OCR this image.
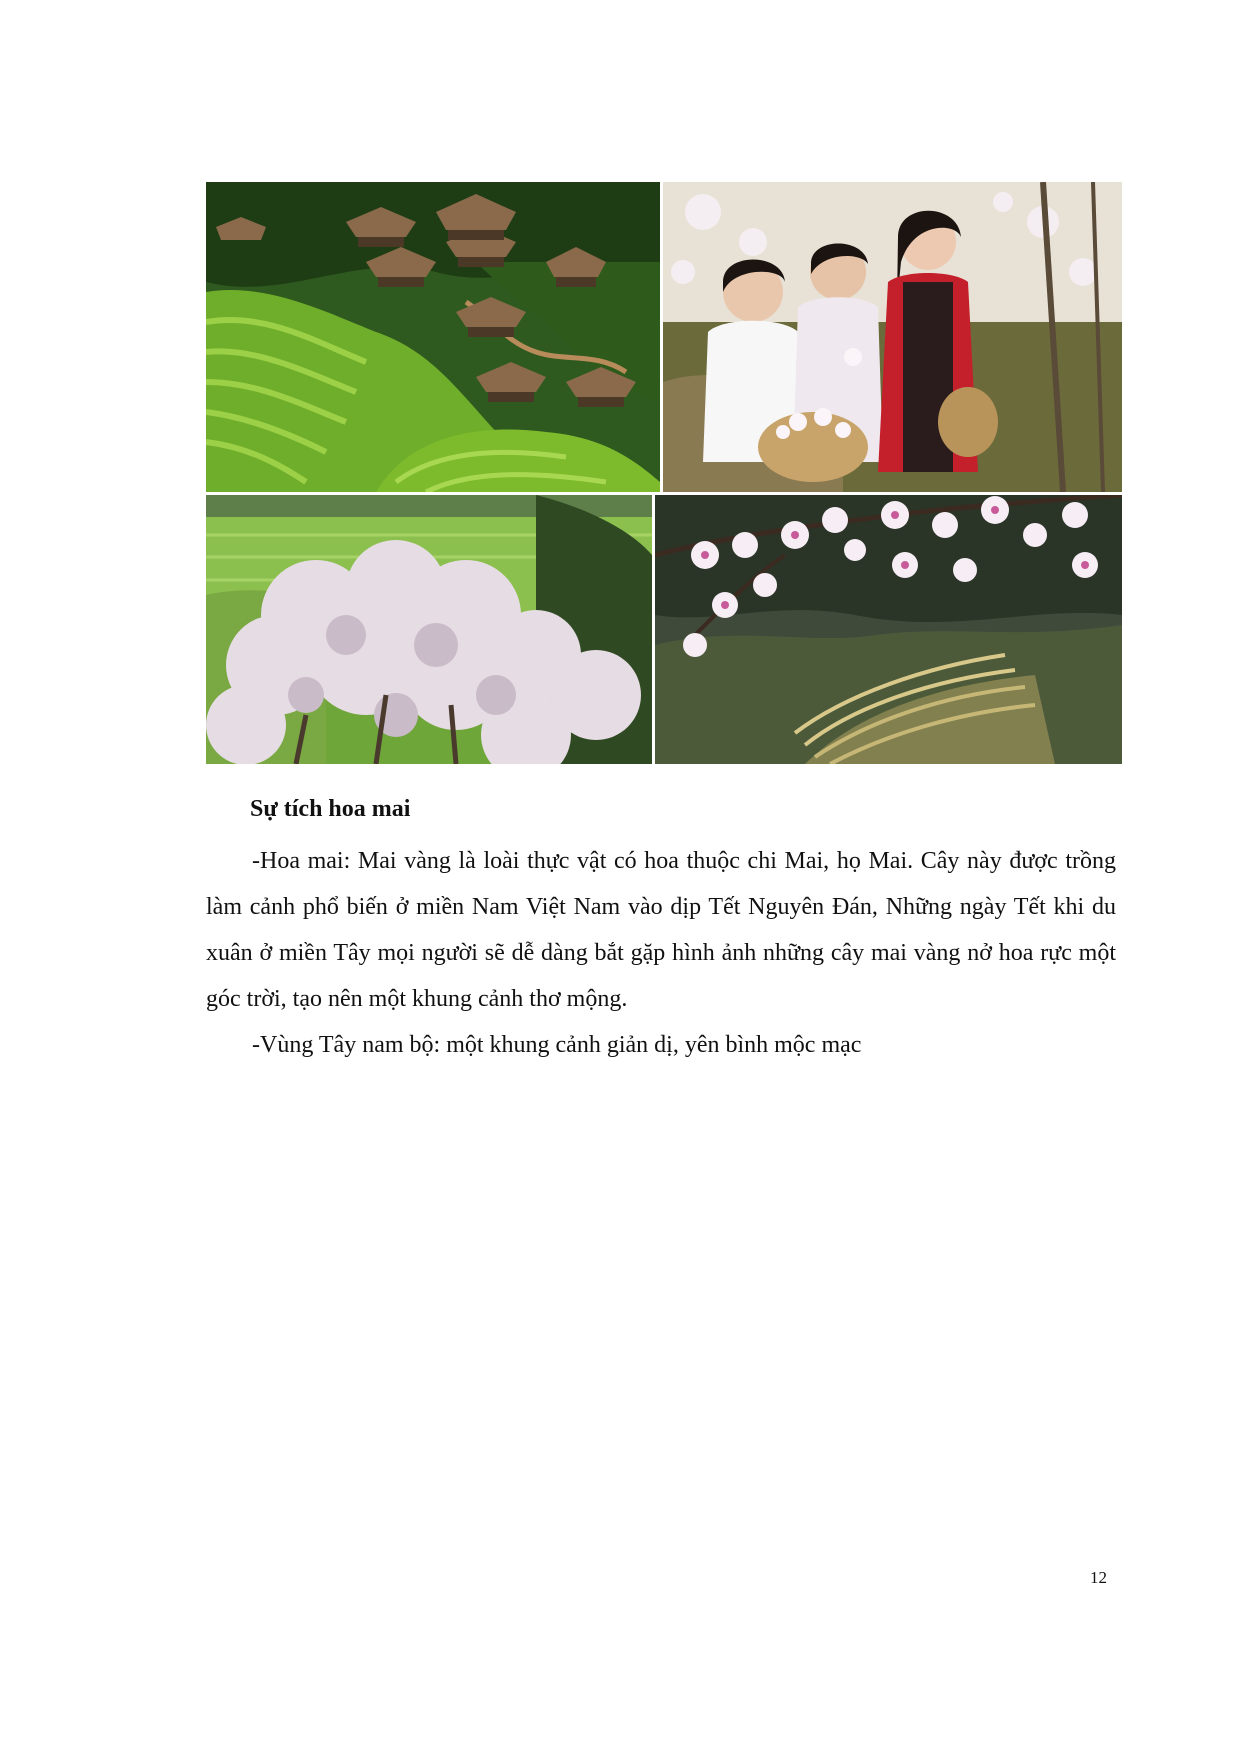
Sự tích hoa mai

-Hoa mai: Mai vàng là loài thực vật có hoa thuộc chi Mai, họ Mai. Cây này được trồng làm cảnh phổ biến ở miền Nam Việt Nam vào dịp Tết Nguyên Đán, Những ngày Tết khi du xuân ở miền Tây mọi người sẽ dễ dàng bắt gặp hình ảnh những cây mai vàng nở hoa rực một góc trời, tạo nên một khung cảnh thơ mộng.

-Vùng Tây nam bộ: một khung cảnh giản dị, yên bình mộc mạc

12
